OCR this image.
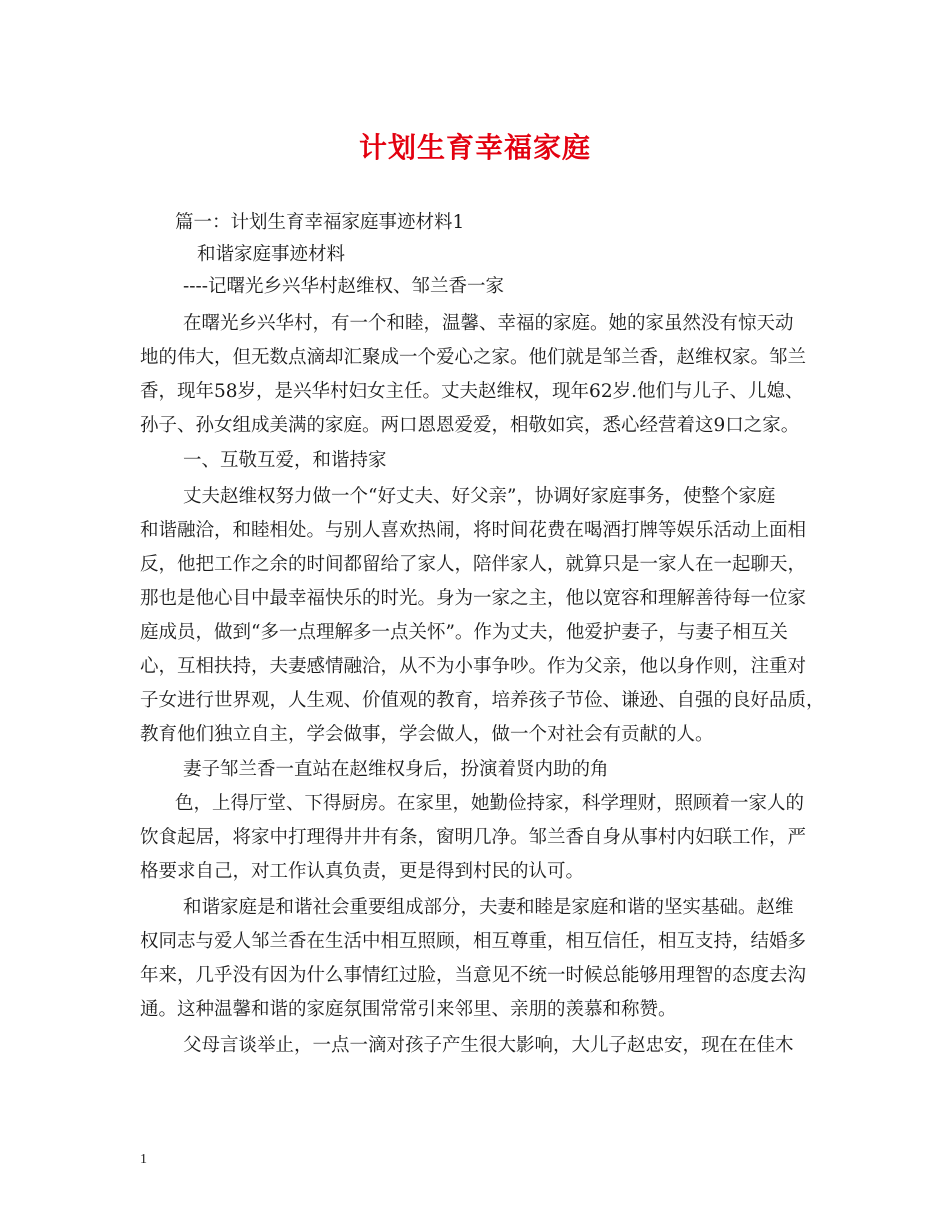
计划生育幸福家庭
篇一：计划生育幸福家庭事迹材料1
和谐家庭事迹材料
----记曙光乡兴华村赵维权、邹兰香一家
在曙光乡兴华村，有一个和睦，温馨、幸福的家庭。她的家虽然没有惊天动
地的伟大，但无数点滴却汇聚成一个爱心之家。他们就是邹兰香，赵维权家。邹兰
香，现年58岁，是兴华村妇女主任。丈夫赵维权，现年62岁.他们与儿子、儿媳、
孙子、孙女组成美满的家庭。两口恩恩爱爱，相敬如宾，悉心经营着这9口之家。
一、互敬互爱，和谐持家
丈夫赵维权努力做一个“好丈夫、好父亲”，协调好家庭事务，使整个家庭
和谐融洽，和睦相处。与别人喜欢热闹，将时间花费在喝酒打牌等娱乐活动上面相
反，他把工作之余的时间都留给了家人，陪伴家人，就算只是一家人在一起聊天，
那也是他心目中最幸福快乐的时光。身为一家之主，他以宽容和理解善待每一位家
庭成员，做到“多一点理解多一点关怀”。作为丈夫，他爱护妻子，与妻子相互关
心，互相扶持，夫妻感情融洽，从不为小事争吵。作为父亲，他以身作则，注重对
子女进行世界观，人生观、价值观的教育，培养孩子节俭、谦逊、自强的良好品质，
教育他们独立自主，学会做事，学会做人，做一个对社会有贡献的人。
妻子邹兰香一直站在赵维权身后，扮演着贤内助的角
色，上得厅堂、下得厨房。在家里，她勤俭持家，科学理财，照顾着一家人的
饮食起居，将家中打理得井井有条，窗明几净。邹兰香自身从事村内妇联工作，严
格要求自己，对工作认真负责，更是得到村民的认可。
和谐家庭是和谐社会重要组成部分，夫妻和睦是家庭和谐的坚实基础。赵维
权同志与爱人邹兰香在生活中相互照顾，相互尊重，相互信任，相互支持，结婚多
年来，几乎没有因为什么事情红过脸，当意见不统一时候总能够用理智的态度去沟
通。这种温馨和谐的家庭氛围常常引来邻里、亲朋的羡慕和称赞。
父母言谈举止，一点一滴对孩子产生很大影响，大儿子赵忠安，现在在佳木
1
